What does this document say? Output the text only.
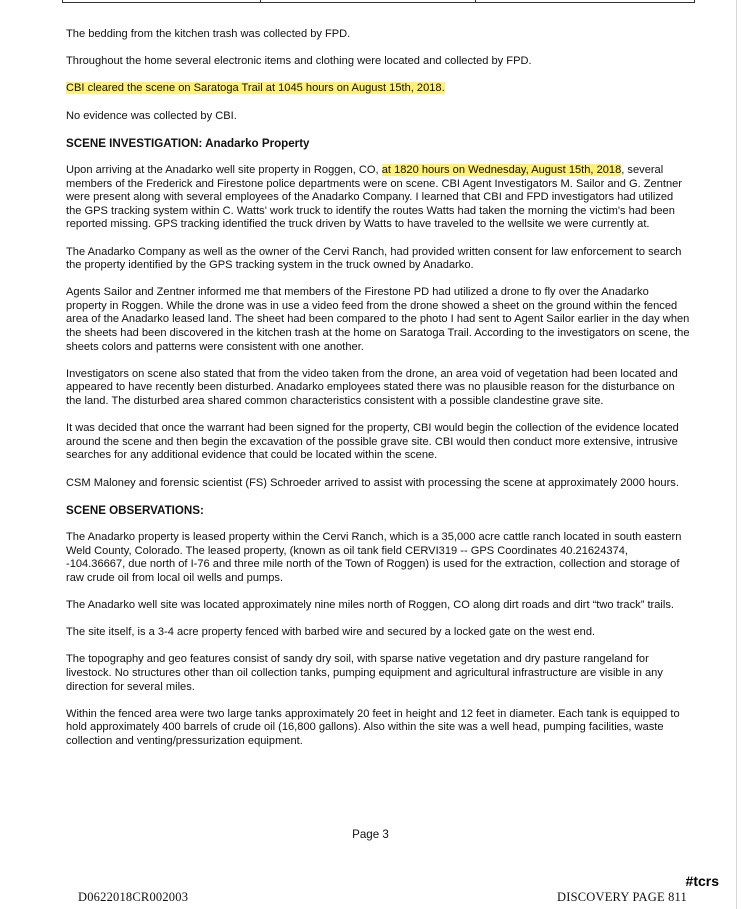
The bedding from the kitchen trash was collected by FPD.

Throughout the home several electronic items and clothing were located and collected by FPD.

CBI cleared the scene on Saratoga Trail at 1045 hours on August 15th, 2018.

No evidence was collected by CBI.

SCENE INVESTIGATION: Anadarko Property

Upon arriving at the Anadarko well site property in Roggen, CO, at 1820 hours on Wednesday, August 15th, 2018, several members of the Frederick and Firestone police departments were on scene. CBI Agent Investigators M. Sailor and G. Zentner were present along with several employees of the Anadarko Company. I learned that CBI and FPD investigators had utilized the GPS tracking system within C. Watts' work truck to identify the routes Watts had taken the morning the victim's had been reported missing. GPS tracking identified the truck driven by Watts to have traveled to the wellsite we were currently at.

The Anadarko Company as well as the owner of the Cervi Ranch, had provided written consent for law enforcement to search the property identified by the GPS tracking system in the truck owned by Anadarko.

Agents Sailor and Zentner informed me that members of the Firestone PD had utilized a drone to fly over the Anadarko property in Roggen. While the drone was in use a video feed from the drone showed a sheet on the ground within the fenced area of the Anadarko leased land. The sheet had been compared to the photo I had sent to Agent Sailor earlier in the day when the sheets had been discovered in the kitchen trash at the home on Saratoga Trail. According to the investigators on scene, the sheets colors and patterns were consistent with one another.

Investigators on scene also stated that from the video taken from the drone, an area void of vegetation had been located and appeared to have recently been disturbed. Anadarko employees stated there was no plausible reason for the disturbance on the land. The disturbed area shared common characteristics consistent with a possible clandestine grave site.

It was decided that once the warrant had been signed for the property, CBI would begin the collection of the evidence located around the scene and then begin the excavation of the possible grave site. CBI would then conduct more extensive, intrusive searches for any additional evidence that could be located within the scene.

CSM Maloney and forensic scientist (FS) Schroeder arrived to assist with processing the scene at approximately 2000 hours.

SCENE OBSERVATIONS:

The Anadarko property is leased property within the Cervi Ranch, which is a 35,000 acre cattle ranch located in south eastern Weld County, Colorado. The leased property, (known as oil tank field CERVI319 -- GPS Coordinates 40.21624374, -104.36667, due north of I-76 and three mile north of the Town of Roggen) is used for the extraction, collection and storage of raw crude oil from local oil wells and pumps.

The Anadarko well site was located approximately nine miles north of Roggen, CO along dirt roads and dirt “two track” trails.

The site itself, is a 3-4 acre property fenced with barbed wire and secured by a locked gate on the west end.

The topography and geo features consist of sandy dry soil, with sparse native vegetation and dry pasture rangeland for livestock. No structures other than oil collection tanks, pumping equipment and agricultural infrastructure are visible in any direction for several miles.

Within the fenced area were two large tanks approximately 20 feet in height and 12 feet in diameter. Each tank is equipped to hold approximately 400 barrels of crude oil (16,800 gallons). Also within the site was a well head, pumping facilities, waste collection and venting/pressurization equipment.

Page 3
#tcrs
D0622018CR002003	DISCOVERY PAGE 811
